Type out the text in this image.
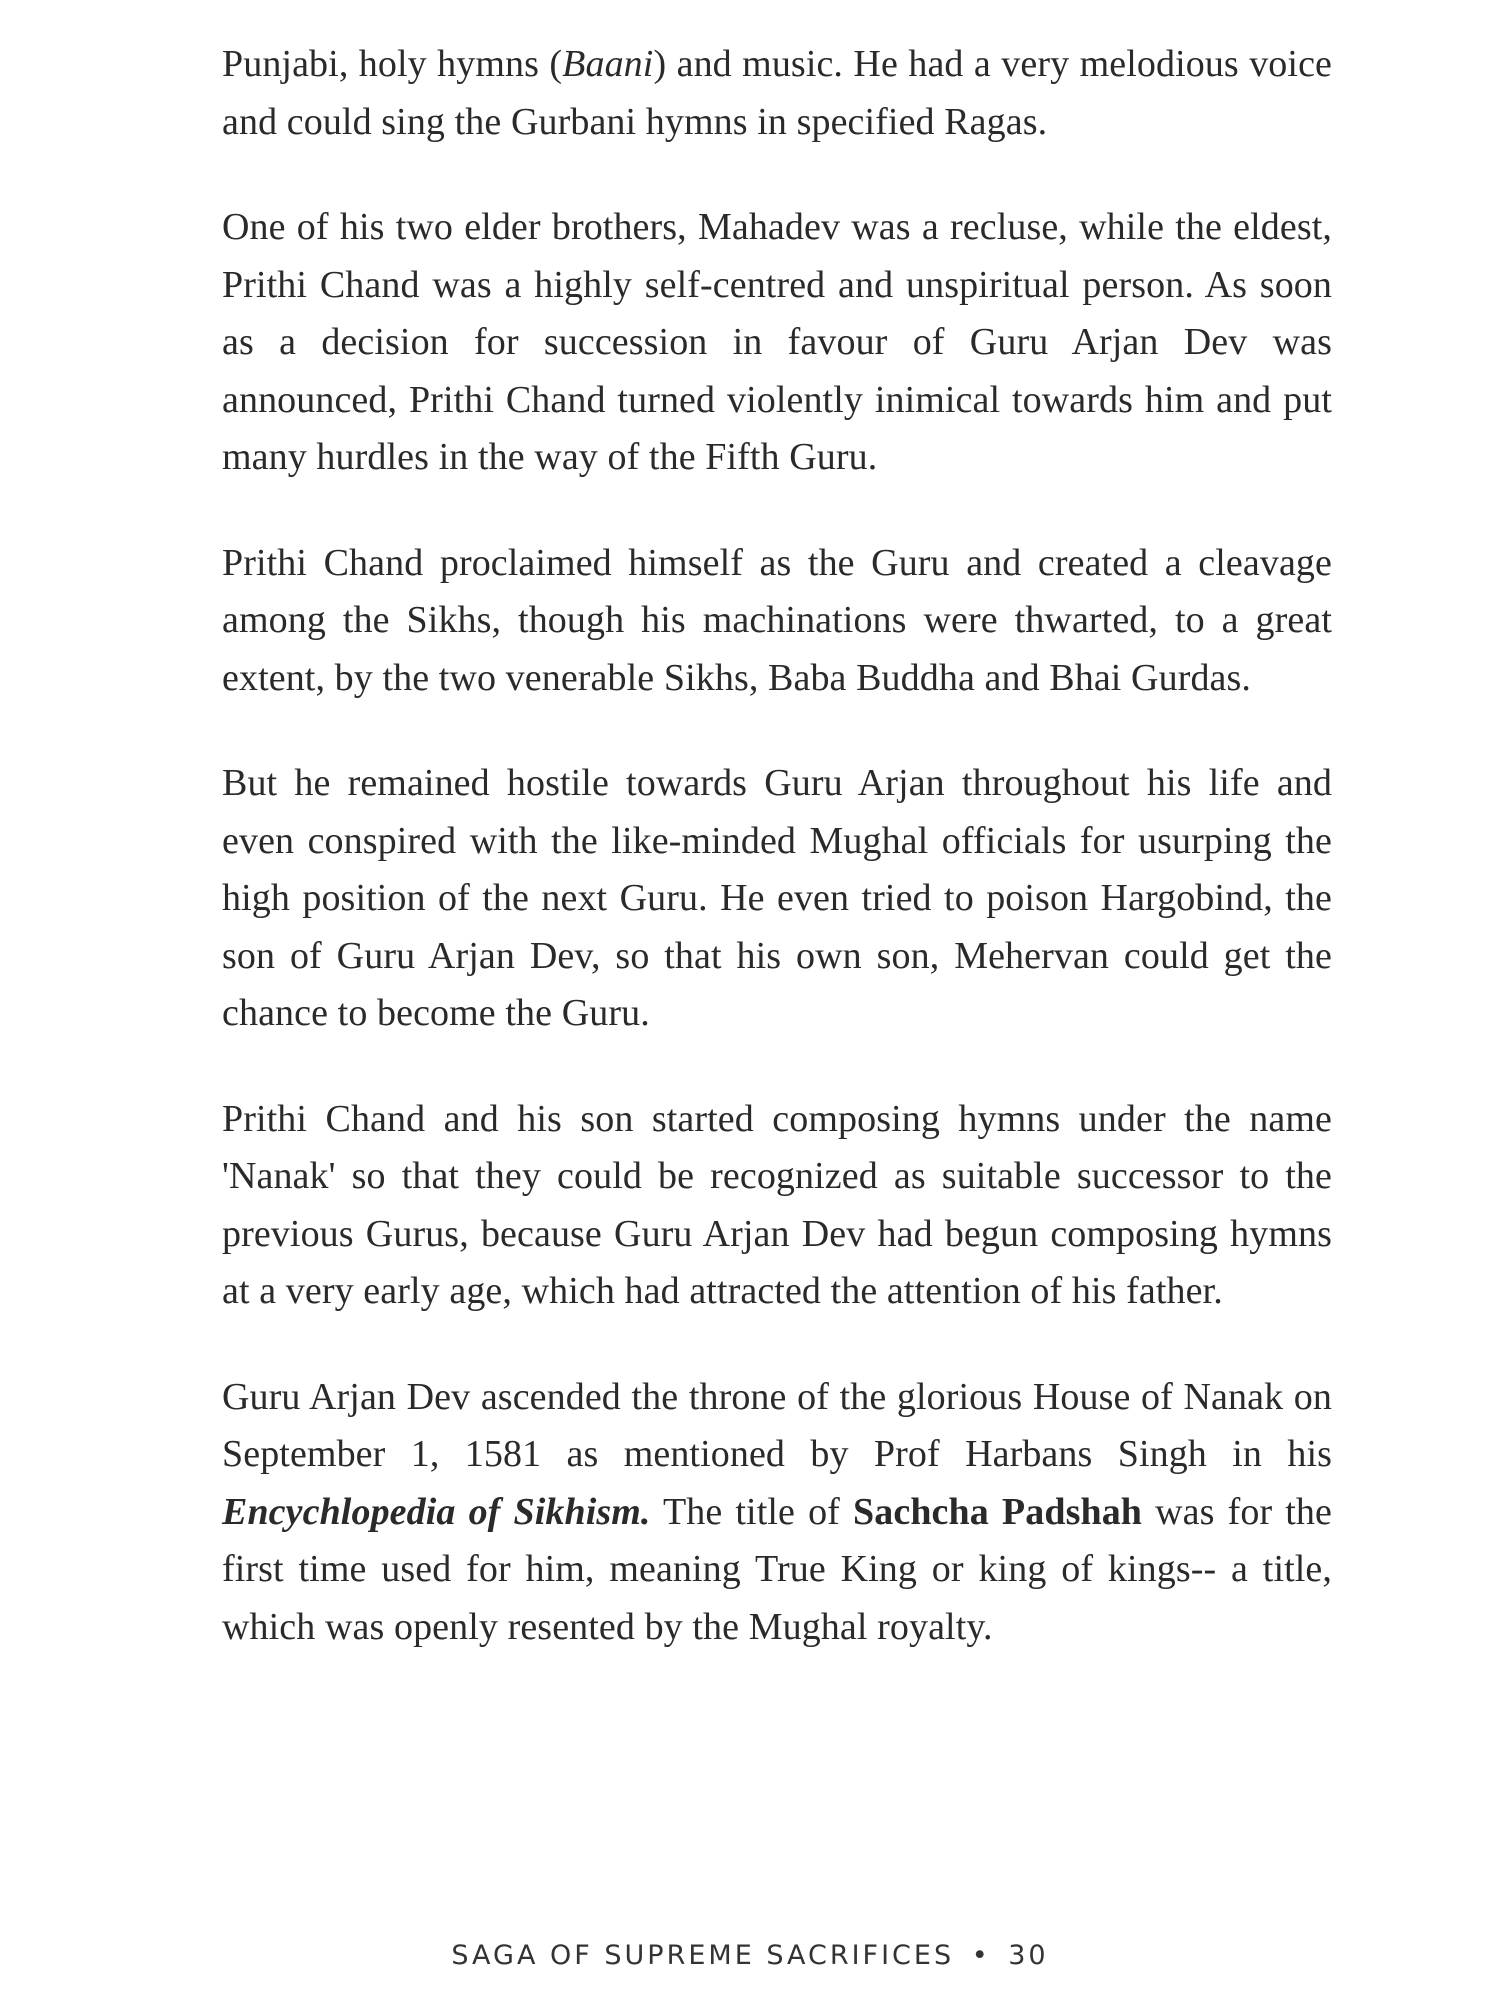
Punjabi, holy hymns (Baani) and music. He had a very melodious voice and could sing the Gurbani hymns in specified Ragas.

One of his two elder brothers, Mahadev was a recluse, while the eldest, Prithi Chand was a highly self-centred and unspiritual person. As soon as a decision for succession in favour of Guru Arjan Dev was announced, Prithi Chand turned violently inimical towards him and put many hurdles in the way of the Fifth Guru.

Prithi Chand proclaimed himself as the Guru and created a cleavage among the Sikhs, though his machinations were thwarted, to a great extent, by the two venerable Sikhs, Baba Buddha and Bhai Gurdas.

But he remained hostile towards Guru Arjan throughout his life and even conspired with the like-minded Mughal officials for usurping the high position of the next Guru. He even tried to poison Hargobind, the son of Guru Arjan Dev, so that his own son, Mehervan could get the chance to become the Guru.

Prithi Chand and his son started composing hymns under the name 'Nanak' so that they could be recognized as suitable successor to the previous Gurus, because Guru Arjan Dev had begun composing hymns at a very early age, which had attracted the attention of his father.

Guru Arjan Dev ascended the throne of the glorious House of Nanak on September 1, 1581 as mentioned by Prof Harbans Singh in his Encychlopedia of Sikhism. The title of Sachcha Padshah was for the first time used for him, meaning True King or king of kings-- a title, which was openly resented by the Mughal royalty.

SAGA OF SUPREME SACRIFICES • 30
